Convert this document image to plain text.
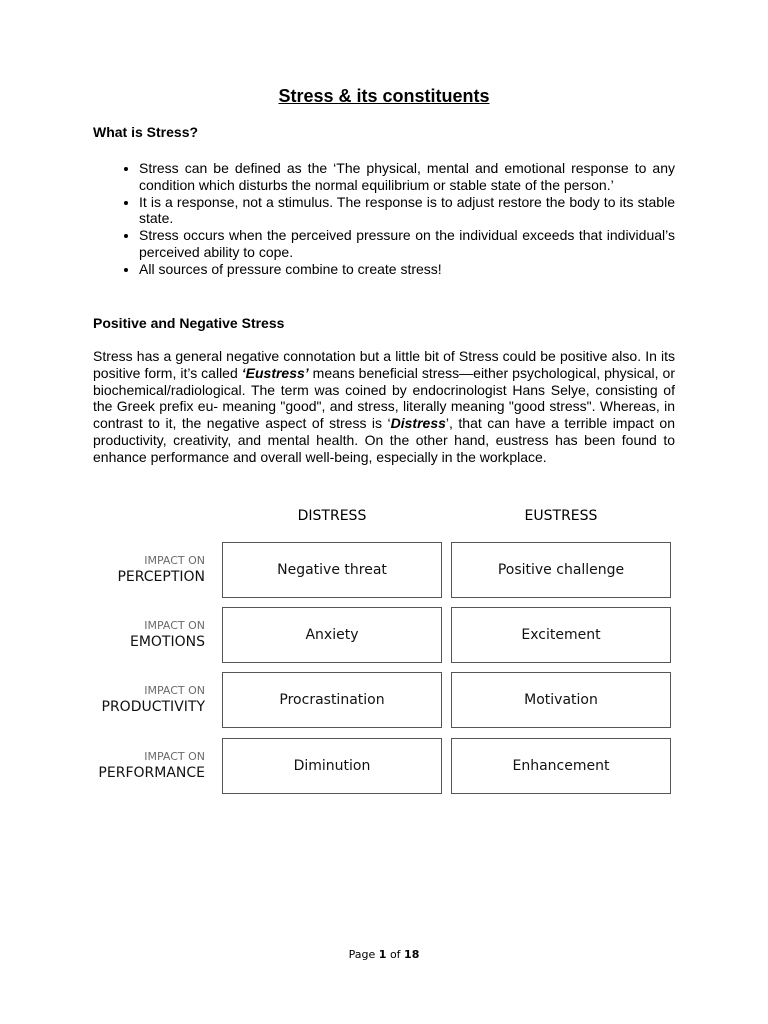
Stress & its constituents
What is Stress?
• Stress can be defined as the ‘The physical, mental and emotional response to any condition which disturbs the normal equilibrium or stable state of the person.’
• It is a response, not a stimulus. The response is to adjust restore the body to its stable state.
• Stress occurs when the perceived pressure on the individual exceeds that individual’s perceived ability to cope.
• All sources of pressure combine to create stress!
Positive and Negative Stress

Stress has a general negative connotation but a little bit of Stress could be positive also. In its positive form, it’s called ‘Eustress’ means beneficial stress—either psychological, physical, or biochemical/radiological. The term was coined by endocrinologist Hans Selye, consisting of the Greek prefix eu- meaning "good", and stress, literally meaning "good stress". Whereas, in contrast to it, the negative aspect of stress is ‘Distress’, that can have a terrible impact on productivity, creativity, and mental health. On the other hand, eustress has been found to enhance performance and overall well-being, especially in the workplace.

DISTRESS	EUSTRESS
IMPACT ON
PERCEPTION	Negative threat	Positive challenge
IMPACT ON
EMOTIONS	Anxiety	Excitement
IMPACT ON
PRODUCTIVITY	Procrastination	Motivation
IMPACT ON
PERFORMANCE	Diminution	Enhancement
Page 1 of 18
